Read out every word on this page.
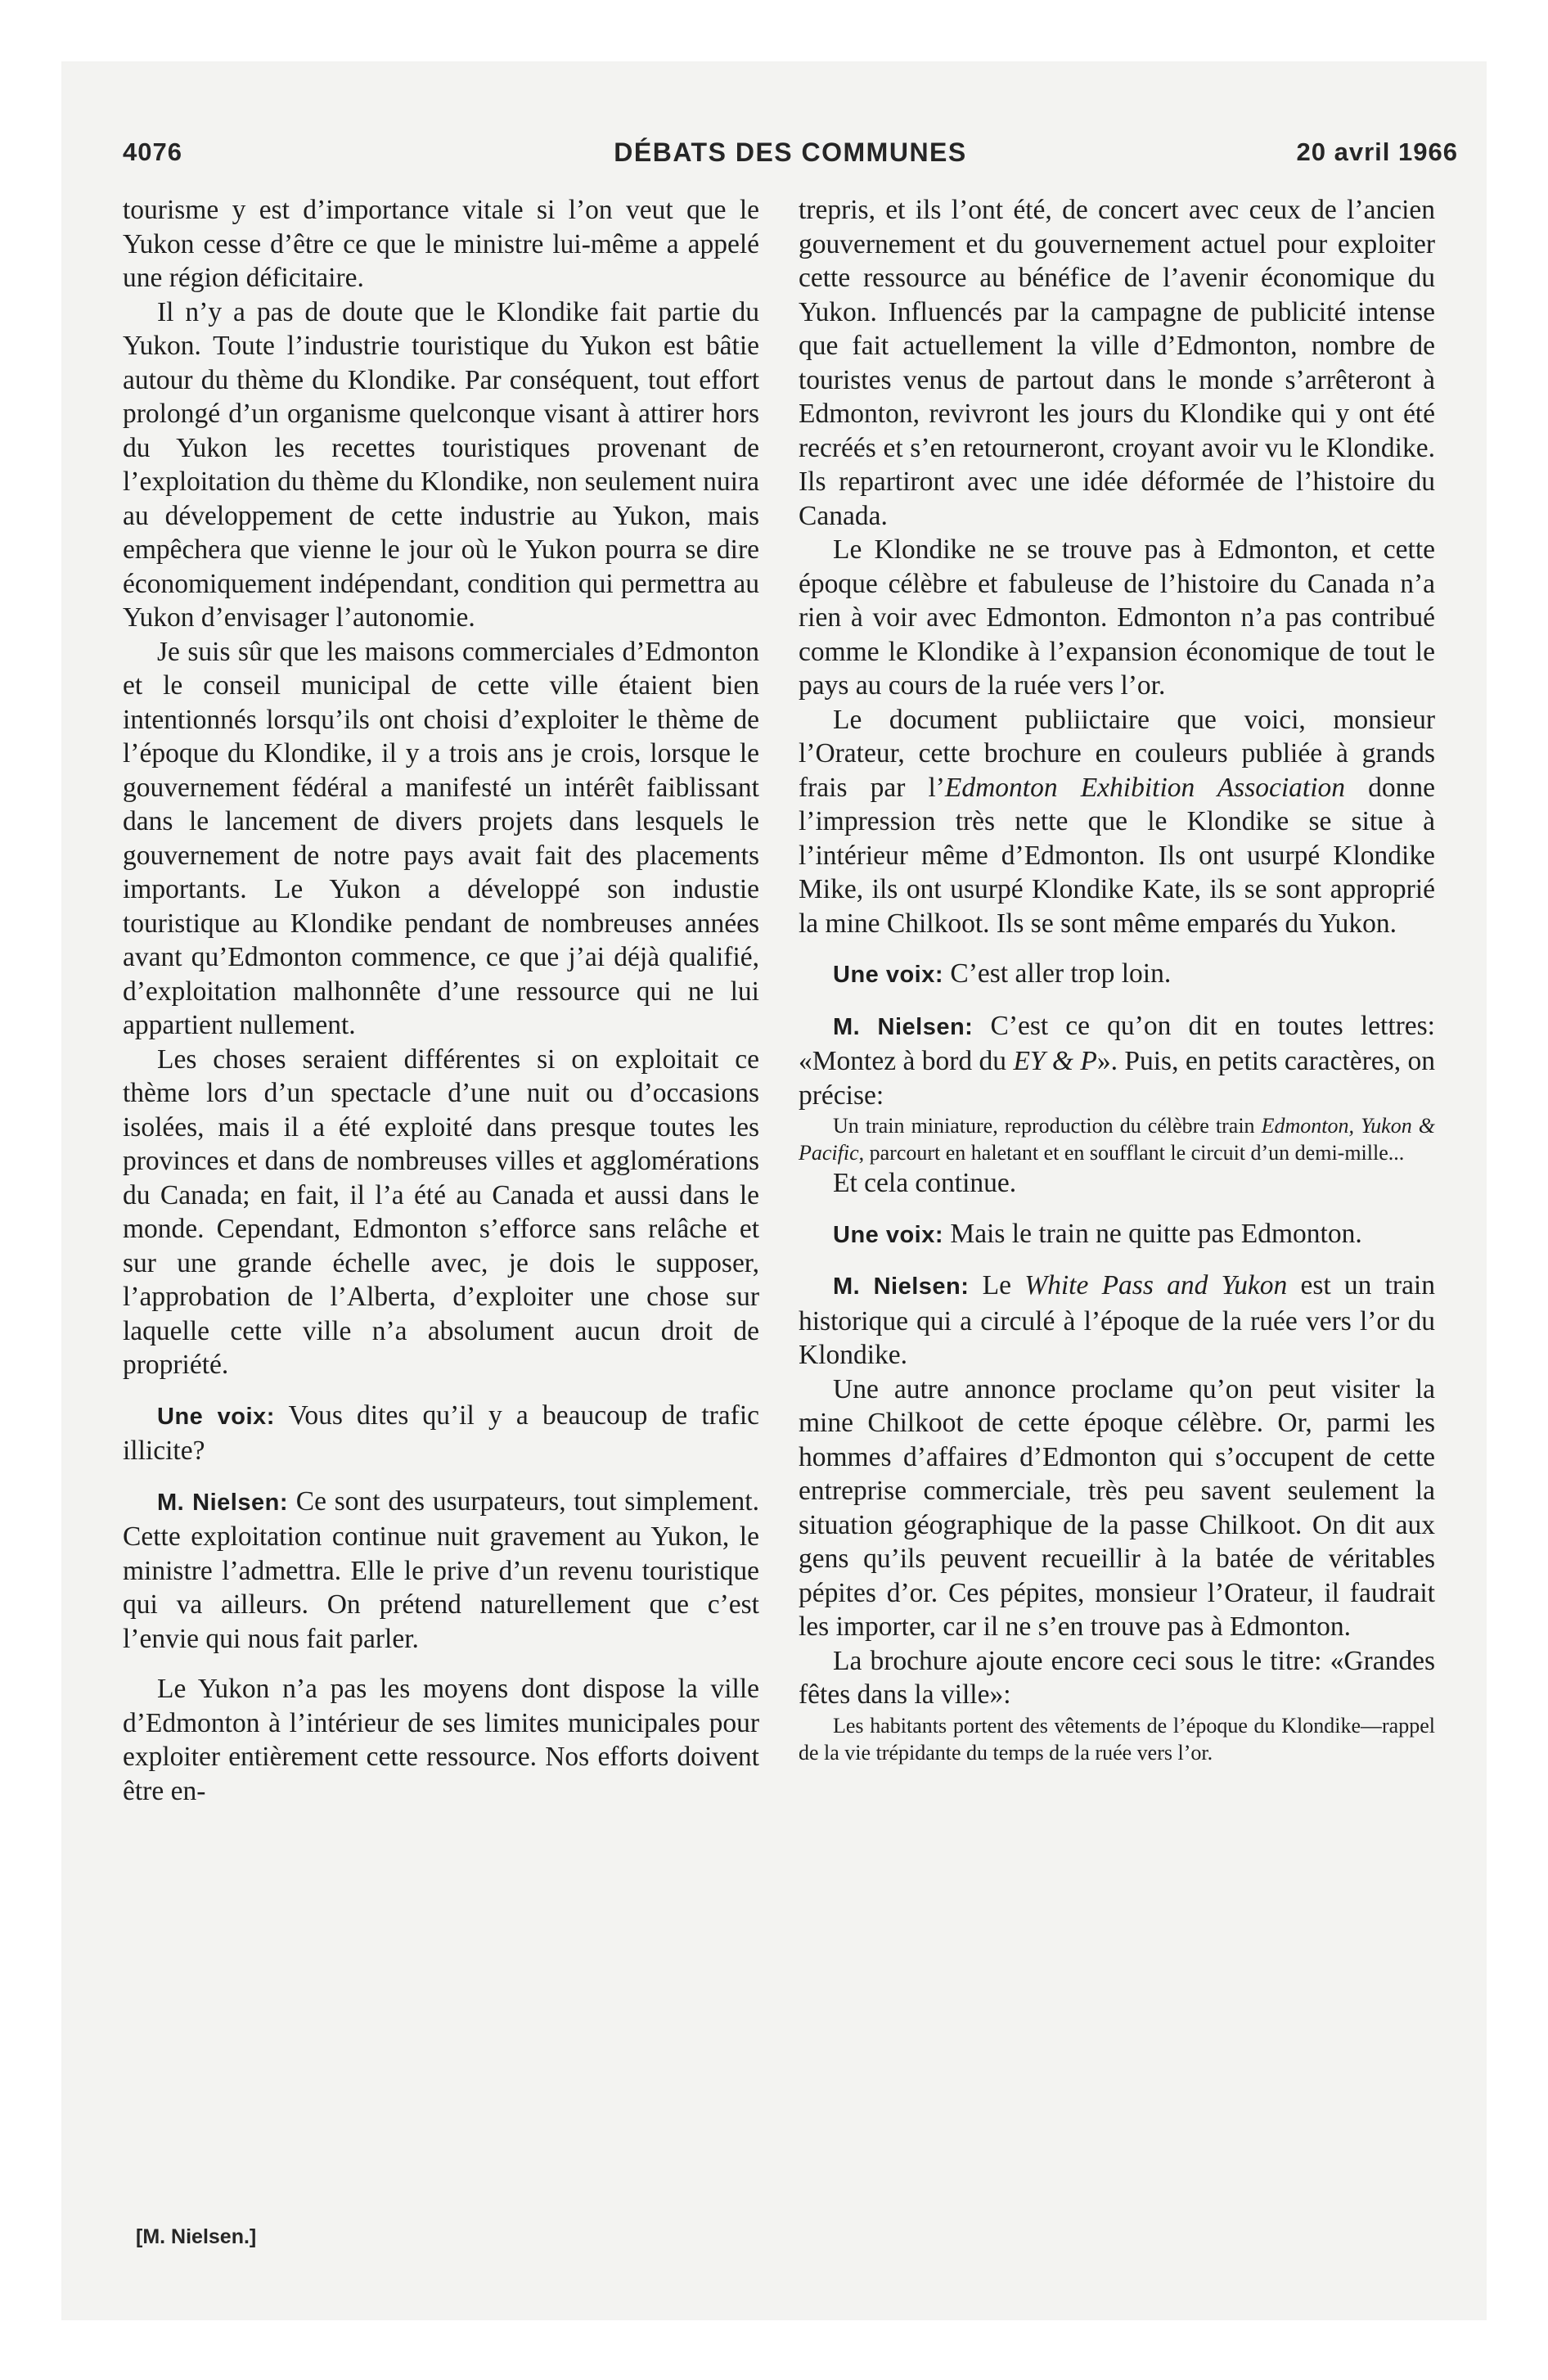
4076	DÉBATS DES COMMUNES	20 avril 1966

tourisme y est d’importance vitale si l’on veut que le Yukon cesse d’être ce que le ministre lui-même a appelé une région déficitaire.

Il n’y a pas de doute que le Klondike fait partie du Yukon. Toute l’industrie touristique du Yukon est bâtie autour du thème du Klondike. Par conséquent, tout effort prolongé d’un organisme quelconque visant à attirer hors du Yukon les recettes touristiques provenant de l’exploitation du thème du Klondike, non seulement nuira au développement de cette industrie au Yukon, mais empêchera que vienne le jour où le Yukon pourra se dire économiquement indépendant, condition qui permettra au Yukon d’envisager l’autonomie.

Je suis sûr que les maisons commerciales d’Edmonton et le conseil municipal de cette ville étaient bien intentionnés lorsqu’ils ont choisi d’exploiter le thème de l’époque du Klondike, il y a trois ans je crois, lorsque le gouvernement fédéral a manifesté un intérêt faiblissant dans le lancement de divers projets dans lesquels le gouvernement de notre pays avait fait des placements importants. Le Yukon a développé son industie touristique au Klondike pendant de nombreuses années avant qu’Edmonton commence, ce que j’ai déjà qualifié, d’exploitation malhonnête d’une ressource qui ne lui appartient nullement.

Les choses seraient différentes si on exploitait ce thème lors d’un spectacle d’une nuit ou d’occasions isolées, mais il a été exploité dans presque toutes les provinces et dans de nombreuses villes et agglomérations du Canada; en fait, il l’a été au Canada et aussi dans le monde. Cependant, Edmonton s’efforce sans relâche et sur une grande échelle avec, je dois le supposer, l’approbation de l’Alberta, d’exploiter une chose sur laquelle cette ville n’a absolument aucun droit de propriété.

Une voix: Vous dites qu’il y a beaucoup de trafic illicite?

M. Nielsen: Ce sont des usurpateurs, tout simplement. Cette exploitation continue nuit gravement au Yukon, le ministre l’admettra. Elle le prive d’un revenu touristique qui va ailleurs. On prétend naturellement que c’est l’envie qui nous fait parler.

Le Yukon n’a pas les moyens dont dispose la ville d’Edmonton à l’intérieur de ses limites municipales pour exploiter entièrement cette ressource. Nos efforts doivent être en-

trepris, et ils l’ont été, de concert avec ceux de l’ancien gouvernement et du gouvernement actuel pour exploiter cette ressource au bénéfice de l’avenir économique du Yukon. Influencés par la campagne de publicité intense que fait actuellement la ville d’Edmonton, nombre de touristes venus de partout dans le monde s’arrêteront à Edmonton, revivront les jours du Klondike qui y ont été recréés et s’en retourneront, croyant avoir vu le Klondike. Ils repartiront avec une idée déformée de l’histoire du Canada.

Le Klondike ne se trouve pas à Edmonton, et cette époque célèbre et fabuleuse de l’histoire du Canada n’a rien à voir avec Edmonton. Edmonton n’a pas contribué comme le Klondike à l’expansion économique de tout le pays au cours de la ruée vers l’or.

Le document publiictaire que voici, monsieur l’Orateur, cette brochure en couleurs publiée à grands frais par l’Edmonton Exhibition Association donne l’impression très nette que le Klondike se situe à l’intérieur même d’Edmonton. Ils ont usurpé Klondike Mike, ils ont usurpé Klondike Kate, ils se sont approprié la mine Chilkoot. Ils se sont même emparés du Yukon.

Une voix: C’est aller trop loin.

M. Nielsen: C’est ce qu’on dit en toutes lettres: «Montez à bord du EY & P». Puis, en petits caractères, on précise:

Un train miniature, reproduction du célèbre train Edmonton, Yukon & Pacific, parcourt en haletant et en soufflant le circuit d’un demi-mille...

Et cela continue.

Une voix: Mais le train ne quitte pas Edmonton.

M. Nielsen: Le White Pass and Yukon est un train historique qui a circulé à l’époque de la ruée vers l’or du Klondike.

Une autre annonce proclame qu’on peut visiter la mine Chilkoot de cette époque célèbre. Or, parmi les hommes d’affaires d’Edmonton qui s’occupent de cette entreprise commerciale, très peu savent seulement la situation géographique de la passe Chilkoot. On dit aux gens qu’ils peuvent recueillir à la batée de véritables pépites d’or. Ces pépites, monsieur l’Orateur, il faudrait les importer, car il ne s’en trouve pas à Edmonton.

La brochure ajoute encore ceci sous le titre: «Grandes fêtes dans la ville»:

Les habitants portent des vêtements de l’époque du Klondike—rappel de la vie trépidante du temps de la ruée vers l’or.

[M. Nielsen.]
